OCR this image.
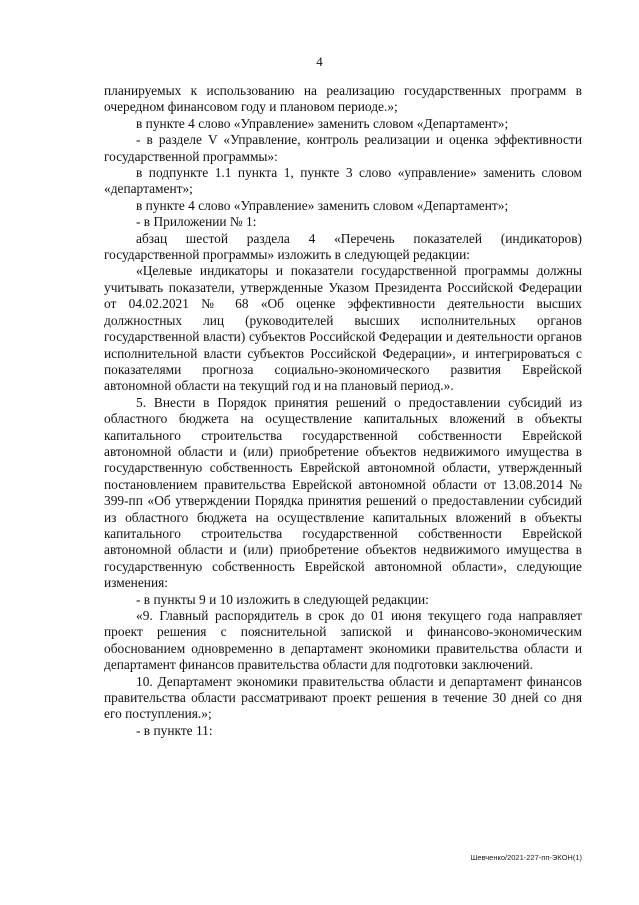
4

планируемых к использованию на реализацию государственных программ в очередном финансовом году и плановом периоде.»;

в пункте 4 слово «Управление» заменить словом «Департамент»;

- в разделе V «Управление, контроль реализации и оценка эффективности государственной программы»:

в подпункте 1.1 пункта 1, пункте 3 слово «управление» заменить словом «департамент»;

в пункте 4 слово «Управление» заменить словом «Департамент»;

- в Приложении № 1:

абзац шестой раздела 4 «Перечень показателей (индикаторов) государственной программы» изложить в следующей редакции:

«Целевые индикаторы и показатели государственной программы должны учитывать показатели, утвержденные Указом Президента Российской Федерации от 04.02.2021 № 68 «Об оценке эффективности деятельности высших должностных лиц (руководителей высших исполнительных органов государственной власти) субъектов Российской Федерации и деятельности органов исполнительной власти субъектов Российской Федерации», и интегрироваться с показателями прогноза социально-экономического развития Еврейской автономной области на текущий год и на плановый период.».

5. Внести в Порядок принятия решений о предоставлении субсидий из областного бюджета на осуществление капитальных вложений в объекты капитального строительства государственной собственности Еврейской автономной области и (или) приобретение объектов недвижимого имущества в государственную собственность Еврейской автономной области, утвержденный постановлением правительства Еврейской автономной области от 13.08.2014 № 399-пп «Об утверждении Порядка принятия решений о предоставлении субсидий из областного бюджета на осуществление капитальных вложений в объекты капитального строительства государственной собственности Еврейской автономной области и (или) приобретение объектов недвижимого имущества в государственную собственность Еврейской автономной области», следующие изменения:

- в пункты 9 и 10 изложить в следующей редакции:

«9. Главный распорядитель в срок до 01 июня текущего года направляет проект решения с пояснительной запиской и финансово-экономическим обоснованием одновременно в департамент экономики правительства области и департамент финансов правительства области для подготовки заключений.

10. Департамент экономики правительства области и департамент финансов правительства области рассматривают проект решения в течение 30 дней со дня его поступления.»;

- в пункте 11:

Шевченко/2021-227-пп-ЭКОН(1)
